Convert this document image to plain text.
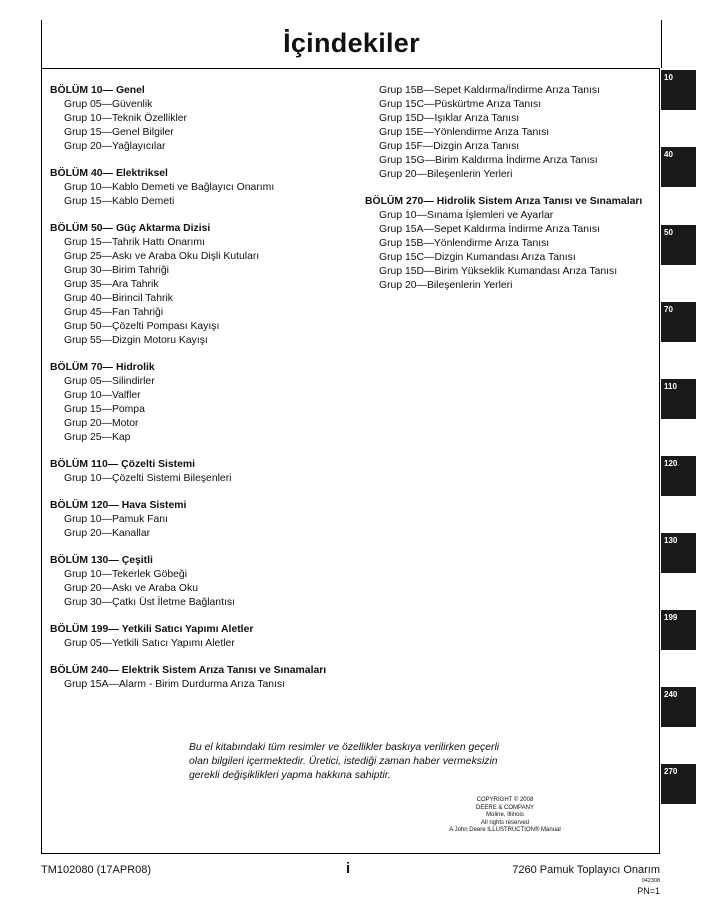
İçindekiler
BÖLÜM 10— Genel
Grup 05— Güvenlik
Grup 10— Teknik Özellikler
Grup 15— Genel Bilgiler
Grup 20— Yağlayıcılar
BÖLÜM 40— Elektriksel
Grup 10— Kablo Demeti ve Bağlayıcı Onarımı
Grup 15— Kablo Demeti
BÖLÜM 50— Güç Aktarma Dizisi
Grup 15— Tahrik Hattı Onarımı
Grup 25— Askı ve Araba Oku Dişli Kutuları
Grup 30— Birim Tahriği
Grup 35— Ara Tahrik
Grup 40— Birincil Tahrik
Grup 45— Fan Tahriği
Grup 50— Çözelti Pompası Kayışı
Grup 55— Dizgin Motoru Kayışı
BÖLÜM 70— Hidrolik
Grup 05— Silindirler
Grup 10— Valfler
Grup 15— Pompa
Grup 20— Motor
Grup 25— Kap
BÖLÜM 110— Çözelti Sistemi
Grup 10— Çözelti Sistemi Bileşenleri
BÖLÜM 120— Hava Sistemi
Grup 10— Pamuk Fanı
Grup 20— Kanallar
BÖLÜM 130— Çeşitli
Grup 10— Tekerlek Göbeği
Grup 20— Askı ve Araba Oku
Grup 30— Çatkı Üst İletme Bağlantısı
BÖLÜM 199— Yetkili Satıcı Yapımı Aletler
Grup 05— Yetkili Satıcı Yapımı Aletler
BÖLÜM 240— Elektrik Sistem Arıza Tanısı ve Sınamaları
Grup 15A— Alarm - Birim Durdurma Arıza Tanısı
Grup 15B— Sepet Kaldırma/İndirme Arıza Tanısı
Grup 15C— Püskürtme Arıza Tanısı
Grup 15D— Işıklar Arıza Tanısı
Grup 15E— Yönlendirme Arıza Tanısı
Grup 15F— Dizgin Arıza Tanısı
Grup 15G— Birim Kaldırma İndirme Arıza Tanısı
Grup 20— Bileşenlerin Yerleri
BÖLÜM 270— Hidrolik Sistem Arıza Tanısı ve Sınamaları
Grup 10— Sınama İşlemleri ve Ayarlar
Grup 15A— Sepet Kaldırma İndirme Arıza Tanısı
Grup 15B— Yönlendirme Arıza Tanısı
Grup 15C— Dizgin Kumandası Arıza Tanısı
Grup 15D— Birim Yükseklik Kumandası Arıza Tanısı
Grup 20— Bileşenlerin Yerleri
Bu el kitabındaki tüm resimler ve özellikler baskıya verilirken geçerli olan bilgileri içermektedir. Üretici, istediği zaman haber vermeksizin gerekli değişiklikleri yapma hakkına sahiptir.
COPYRIGHT © 2008
DEERE & COMPANY
Moline, Illinois
All rights reserved
A John Deere ILLUSTRUCTION® Manual
TM102080 (17APR08)	i	7260 Pamuk Toplayıcı Onarım
042308
PN=1
10
40
50
70
110
120
130
199
240
270
